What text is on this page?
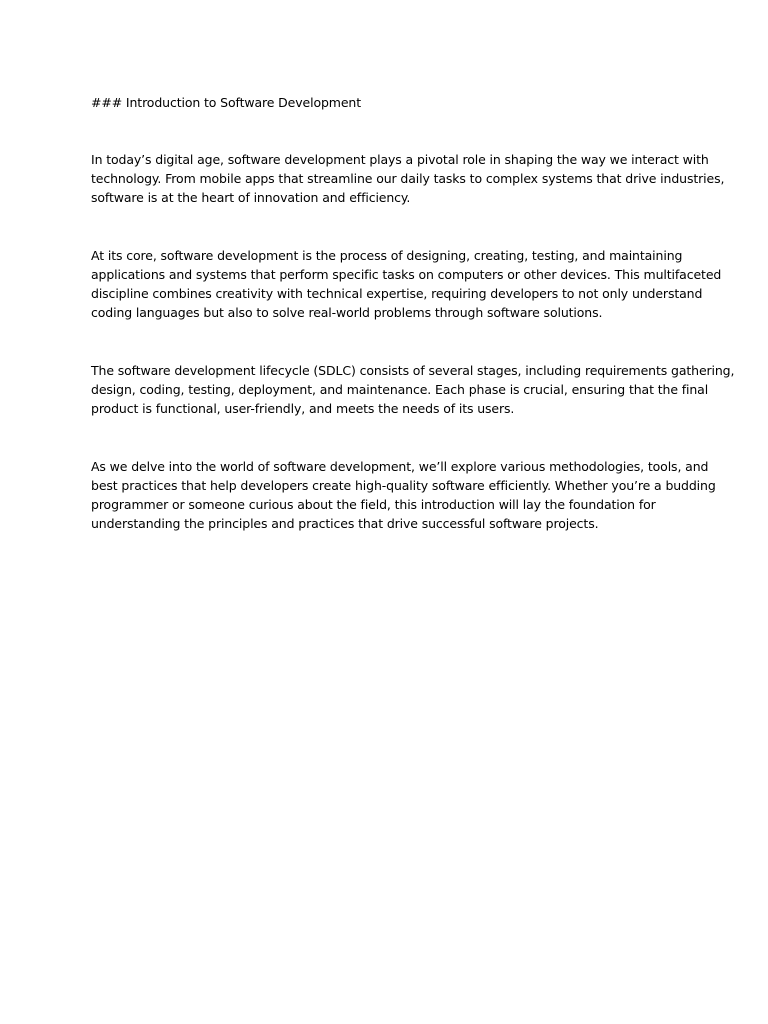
### Introduction to Software Development

In today’s digital age, software development plays a pivotal role in shaping the way we interact with
technology. From mobile apps that streamline our daily tasks to complex systems that drive industries,
software is at the heart of innovation and efficiency.

At its core, software development is the process of designing, creating, testing, and maintaining
applications and systems that perform specific tasks on computers or other devices. This multifaceted
discipline combines creativity with technical expertise, requiring developers to not only understand
coding languages but also to solve real-world problems through software solutions.

The software development lifecycle (SDLC) consists of several stages, including requirements gathering,
design, coding, testing, deployment, and maintenance. Each phase is crucial, ensuring that the final
product is functional, user-friendly, and meets the needs of its users.

As we delve into the world of software development, we’ll explore various methodologies, tools, and
best practices that help developers create high-quality software efficiently. Whether you’re a budding
programmer or someone curious about the field, this introduction will lay the foundation for
understanding the principles and practices that drive successful software projects.
